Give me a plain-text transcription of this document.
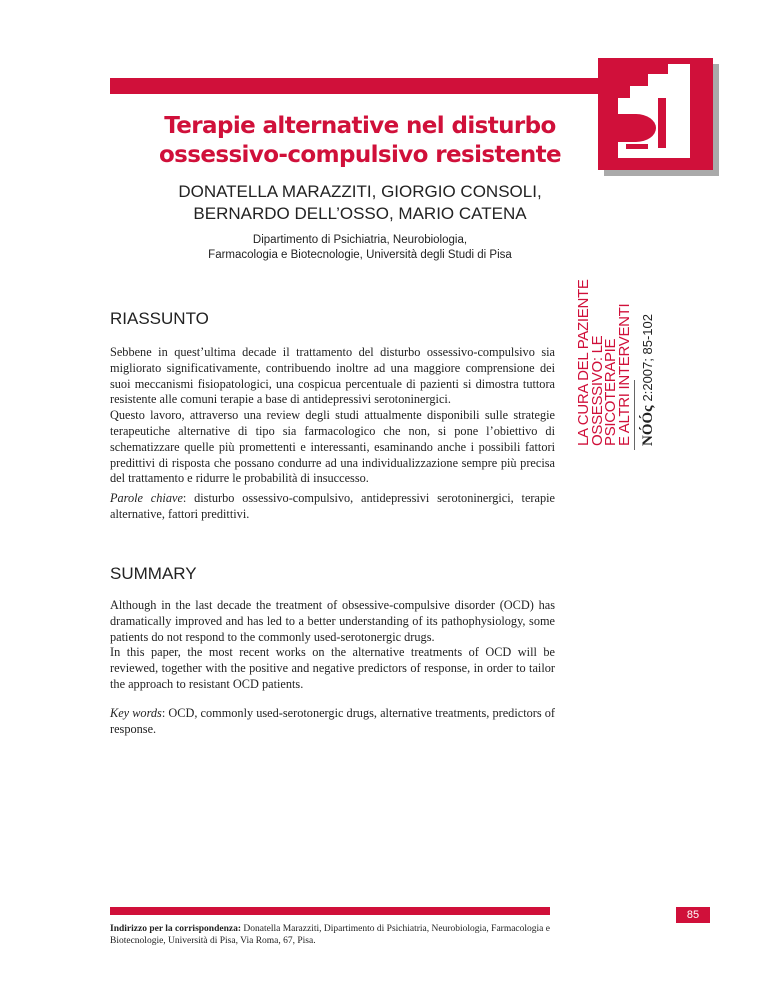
Terapie alternative nel disturbo
ossessivo-compulsivo resistente
DONATELLA MARAZZITI, GIORGIO CONSOLI,
BERNARDO DELL’OSSO, MARIO CATENA
Dipartimento di Psichiatria, Neurobiologia,
Farmacologia e Biotecnologie, Università degli Studi di Pisa
RIASSUNTO

Sebbene in quest’ultima decade il trattamento del disturbo ossessivo-compulsivo sia migliorato significativamente, contribuendo inoltre ad una maggiore comprensione dei suoi meccanismi fisiopatologici, una cospicua percentuale di pazienti si dimostra tuttora resistente alle comuni terapie a base di antidepressivi serotoninergici.

Questo lavoro, attraverso una review degli studi attualmente disponibili sulle strategie terapeutiche alternative di tipo sia farmacologico che non, si pone l’obiettivo di schematizzare quelle più promettenti e interessanti, esaminando anche i possibili fattori predittivi di risposta che possano condurre ad una individualizzazione sempre più precisa del trattamento e ridurre le probabilità di insuccesso.

Parole chiave: disturbo ossessivo-compulsivo, antidepressivi serotoninergici, terapie alternative, fattori predittivi.
SUMMARY

Although in the last decade the treatment of obsessive-compulsive disorder (OCD) has dramatically improved and has led to a better understanding of its pathophysiology, some patients do not respond to the commonly used-serotonergic drugs.

In this paper, the most recent works on the alternative treatments of OCD will be reviewed, together with the positive and negative predictors of response, in order to tailor the approach to resistant OCD patients.

Key words: OCD, commonly used-serotonergic drugs, alternative treatments, predictors of response.
LA CURA DEL PAZIENTE
OSSESSIVO: LE PSICOTERAPIE
E ALTRI INTERVENTI NÓÓς2:2007; 85-102
85
Indirizzo per la corrispondenza: Donatella Marazziti, Dipartimento di Psichiatria, Neurobiologia, Farmacologia e Biotecnologie, Università di Pisa, Via Roma, 67, Pisa.
